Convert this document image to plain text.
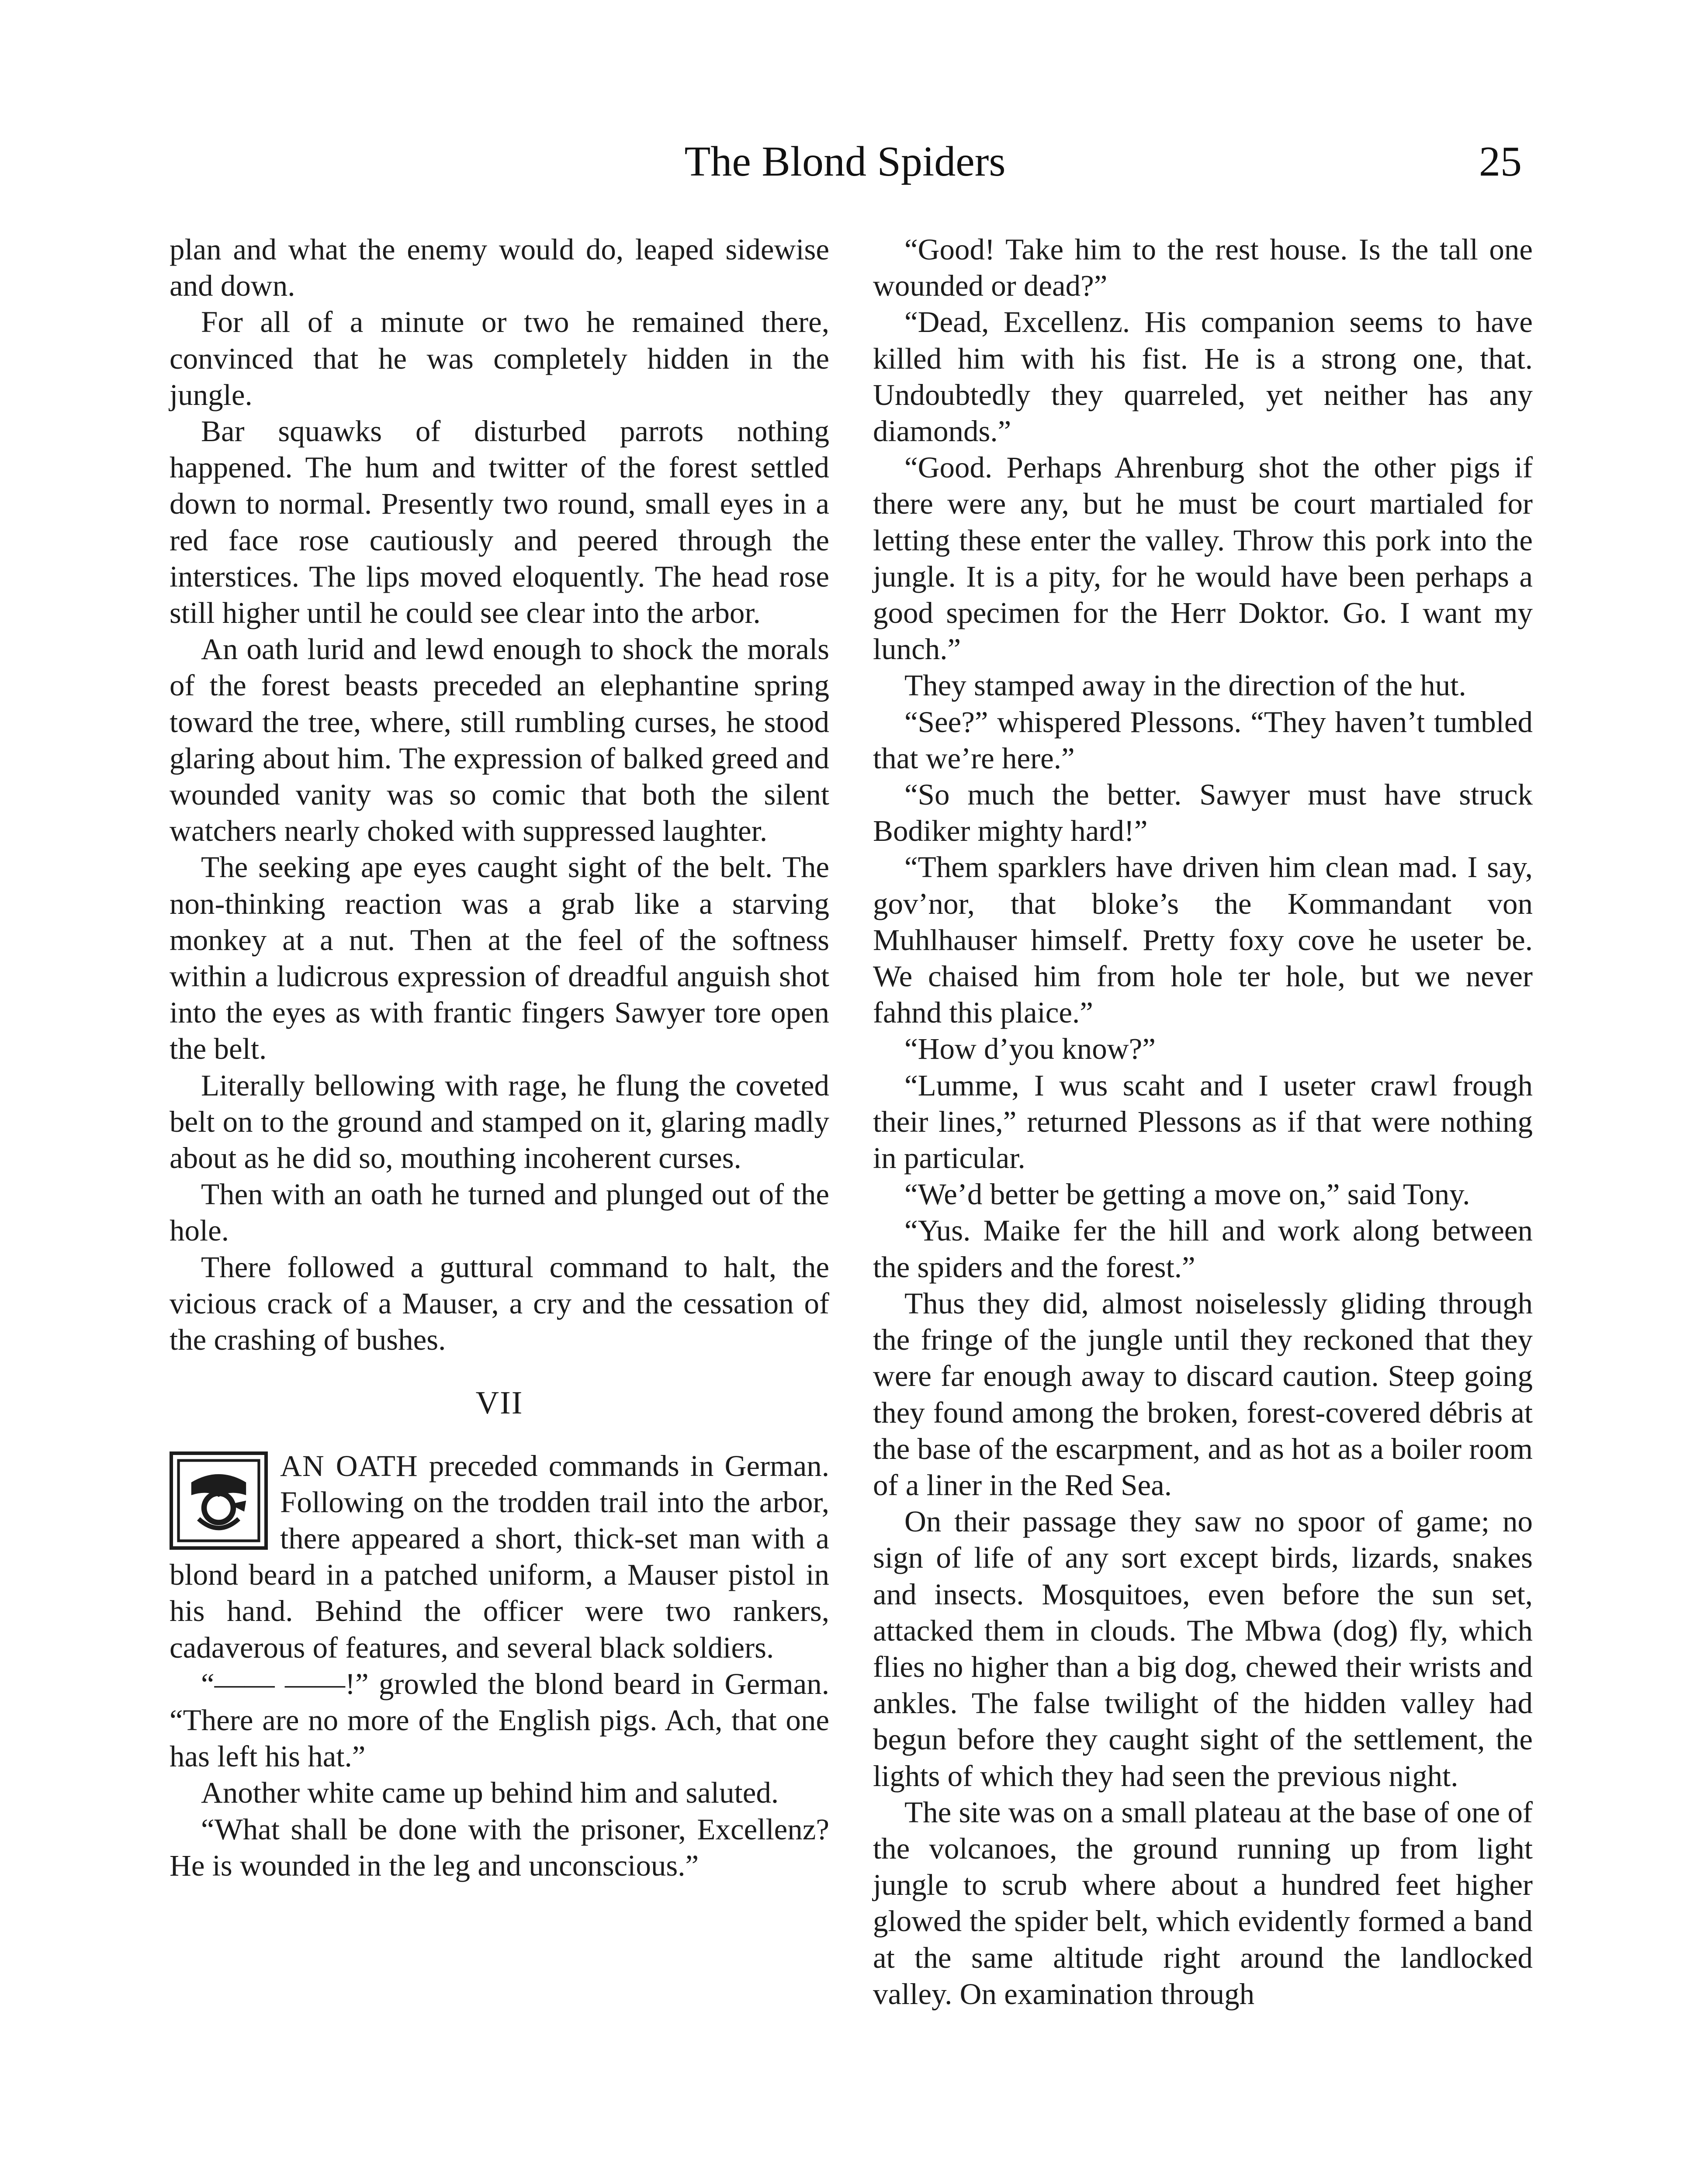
The Blond Spiders	25

plan and what the enemy would do, leaped sidewise and down.

For all of a minute or two he remained there, convinced that he was completely hidden in the jungle.

Bar squawks of disturbed parrots nothing happened. The hum and twitter of the forest settled down to normal. Presently two round, small eyes in a red face rose cautiously and peered through the interstices. The lips moved eloquently. The head rose still higher until he could see clear into the arbor.

An oath lurid and lewd enough to shock the morals of the forest beasts preceded an elephantine spring toward the tree, where, still rumbling curses, he stood glaring about him. The expression of balked greed and wounded vanity was so comic that both the silent watchers nearly choked with suppressed laughter.

The seeking ape eyes caught sight of the belt. The non-thinking reaction was a grab like a starving monkey at a nut. Then at the feel of the softness within a ludicrous expression of dreadful anguish shot into the eyes as with frantic fingers Sawyer tore open the belt.

Literally bellowing with rage, he flung the coveted belt on to the ground and stamped on it, glaring madly about as he did so, mouthing incoherent curses.

Then with an oath he turned and plunged out of the hole.

There followed a guttural command to halt, the vicious crack of a Mauser, a cry and the cessation of the crashing of bushes.

VII

AN OATH preceded commands in German. Following on the trodden trail into the arbor, there appeared a short, thick-set man with a blond beard in a patched uniform, a Mauser pistol in his hand. Behind the officer were two rankers, cadaverous of features, and several black soldiers.

“—— ——!” growled the blond beard in German. “There are no more of the English pigs. Ach, that one has left his hat.”

Another white came up behind him and saluted.

“What shall be done with the prisoner, Excellenz? He is wounded in the leg and unconscious.”

“Good! Take him to the rest house. Is the tall one wounded or dead?”

“Dead, Excellenz. His companion seems to have killed him with his fist. He is a strong one, that. Undoubtedly they quarreled, yet neither has any diamonds.”

“Good. Perhaps Ahrenburg shot the other pigs if there were any, but he must be court martialed for letting these enter the valley. Throw this pork into the jungle. It is a pity, for he would have been perhaps a good specimen for the Herr Doktor. Go. I want my lunch.”

They stamped away in the direction of the hut.

“See?” whispered Plessons. “They haven’t tumbled that we’re here.”

“So much the better. Sawyer must have struck Bodiker mighty hard!”

“Them sparklers have driven him clean mad. I say, gov’nor, that bloke’s the Kommandant von Muhlhauser himself. Pretty foxy cove he useter be. We chaised him from hole ter hole, but we never fahnd this plaice.”

“How d’you know?”

“Lumme, I wus scaht and I useter crawl frough their lines,” returned Plessons as if that were nothing in particular.

“We’d better be getting a move on,” said Tony.

“Yus. Maike fer the hill and work along between the spiders and the forest.”

Thus they did, almost noiselessly gliding through the fringe of the jungle until they reckoned that they were far enough away to discard caution. Steep going they found among the broken, forest-covered débris at the base of the escarpment, and as hot as a boiler room of a liner in the Red Sea.

On their passage they saw no spoor of game; no sign of life of any sort except birds, lizards, snakes and insects. Mosquitoes, even before the sun set, attacked them in clouds. The Mbwa (dog) fly, which flies no higher than a big dog, chewed their wrists and ankles. The false twilight of the hidden valley had begun before they caught sight of the settlement, the lights of which they had seen the previous night.

The site was on a small plateau at the base of one of the volcanoes, the ground running up from light jungle to scrub where about a hundred feet higher glowed the spider belt, which evidently formed a band at the same altitude right around the landlocked valley. On examination through
